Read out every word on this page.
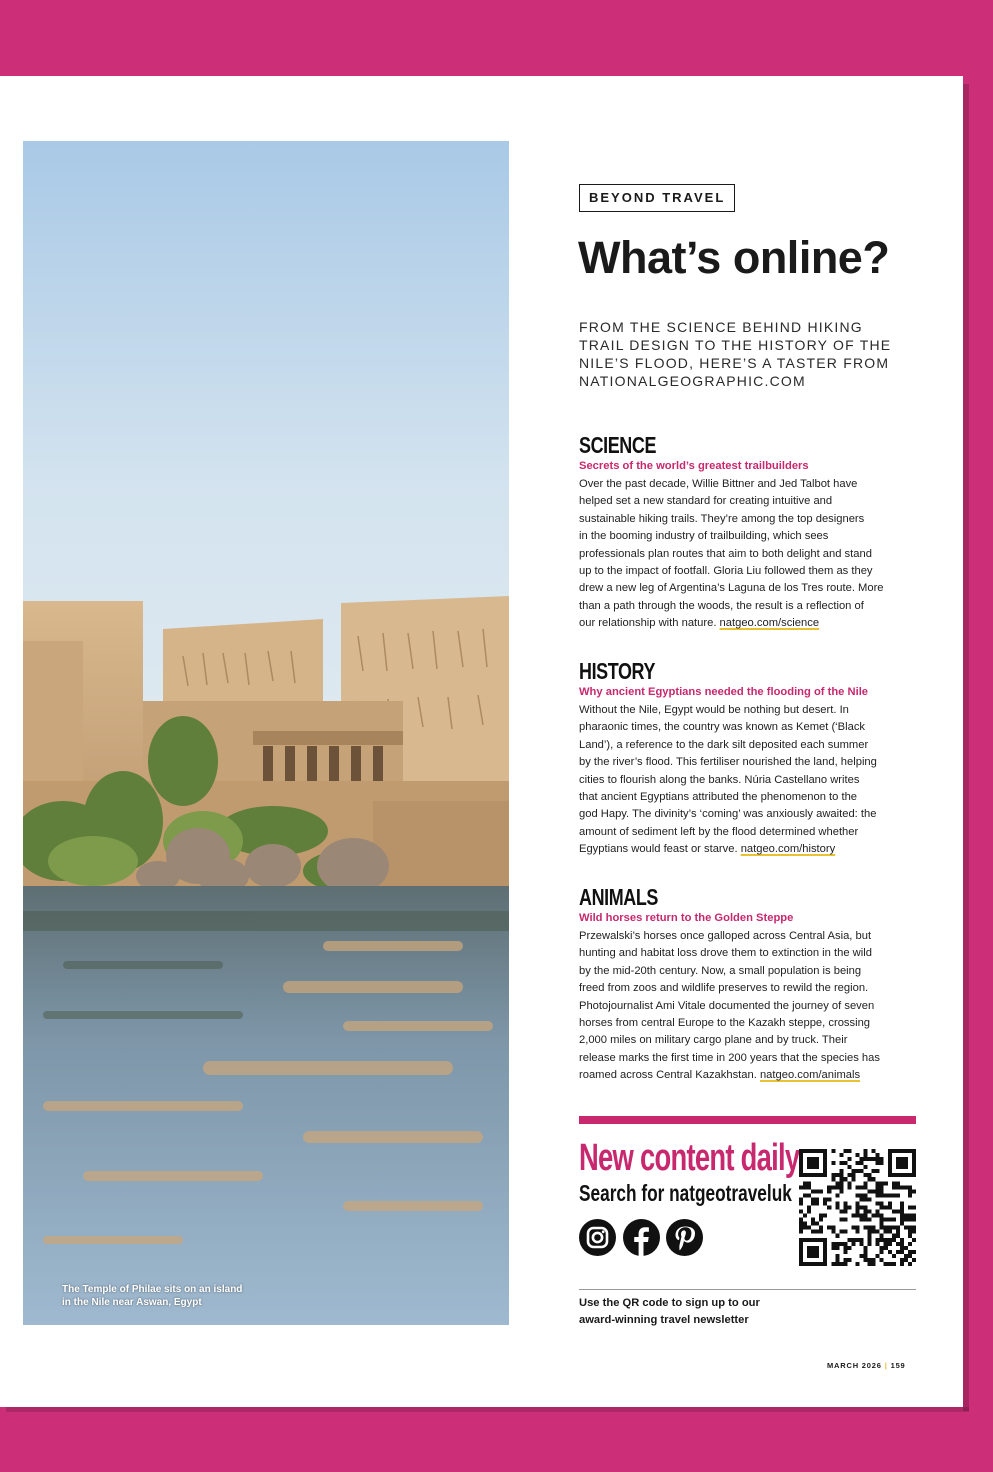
The Temple of Philae sits on an island
in the Nile near Aswan, Egypt
BEYOND TRAVEL
What’s online?
FROM THE SCIENCE BEHIND HIKING
TRAIL DESIGN TO THE HISTORY OF THE
NILE’S FLOOD, HERE’S A TASTER FROM
NATIONALGEOGRAPHIC.COM
SCIENCE
Secrets of the world’s greatest trailbuilders

Over the past decade, Willie Bittner and Jed Talbot have
helped set a new standard for creating intuitive and
sustainable hiking trails. They’re among the top designers
in the booming industry of trailbuilding, which sees
professionals plan routes that aim to both delight and stand
up to the impact of footfall. Gloria Liu followed them as they
drew a new leg of Argentina’s Laguna de los Tres route. More
than a path through the woods, the result is a reflection of
our relationship with nature. natgeo.com/science

HISTORY
Why ancient Egyptians needed the flooding of the Nile

Without the Nile, Egypt would be nothing but desert. In
pharaonic times, the country was known as Kemet (‘Black
Land’), a reference to the dark silt deposited each summer
by the river’s flood. This fertiliser nourished the land, helping
cities to flourish along the banks. Núria Castellano writes
that ancient Egyptians attributed the phenomenon to the
god Hapy. The divinity’s ‘coming’ was anxiously awaited: the
amount of sediment left by the flood determined whether
Egyptians would feast or starve. natgeo.com/history

ANIMALS
Wild horses return to the Golden Steppe

Przewalski’s horses once galloped across Central Asia, but
hunting and habitat loss drove them to extinction in the wild
by the mid-20th century. Now, a small population is being
freed from zoos and wildlife preserves to rewild the region.
Photojournalist Ami Vitale documented the journey of seven
horses from central Europe to the Kazakh steppe, crossing
2,000 miles on military cargo plane and by truck. Their
release marks the first time in 200 years that the species has
roamed across Central Kazakhstan. natgeo.com/animals

New content daily
Search for natgeotraveluk
Use the QR code to sign up to our
award-winning travel newsletter
MARCH 2026 | 159
